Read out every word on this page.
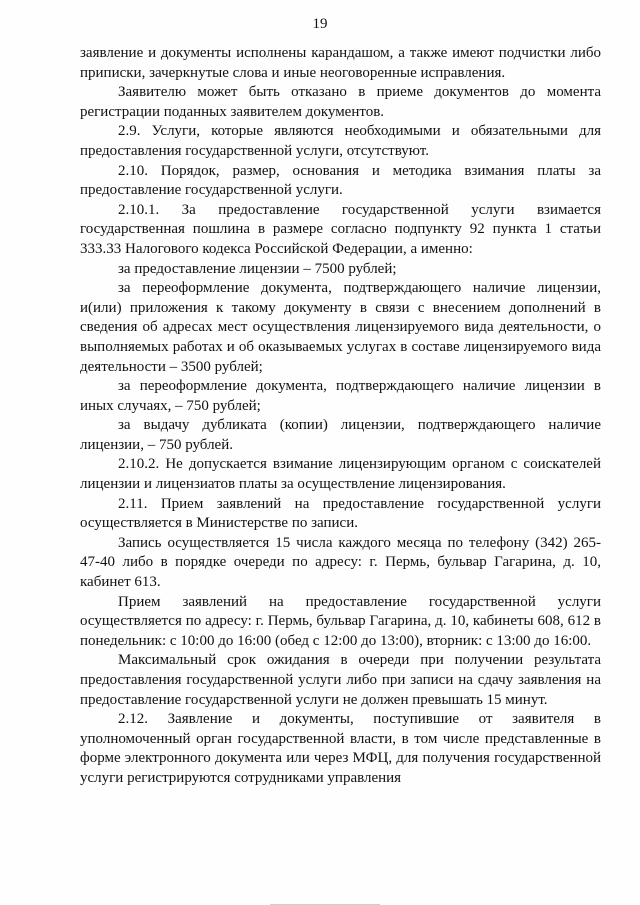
19

заявление и документы исполнены карандашом, а также имеют подчистки либо приписки, зачеркнутые слова и иные неоговоренные исправления.

Заявителю может быть отказано в приеме документов до момента регистрации поданных заявителем документов.

2.9. Услуги, которые являются необходимыми и обязательными для предоставления государственной услуги, отсутствуют.

2.10. Порядок, размер, основания и методика взимания платы за предоставление государственной услуги.

2.10.1. За предоставление государственной услуги взимается государственная пошлина в размере согласно подпункту 92 пункта 1 статьи 333.33 Налогового кодекса Российской Федерации, а именно:

за предоставление лицензии – 7500 рублей;

за переоформление документа, подтверждающего наличие лицензии, и(или) приложения к такому документу в связи с внесением дополнений в сведения об адресах мест осуществления лицензируемого вида деятельности, о выполняемых работах и об оказываемых услугах в составе лицензируемого вида деятельности – 3500 рублей;

за переоформление документа, подтверждающего наличие лицензии в иных случаях, – 750 рублей;

за выдачу дубликата (копии) лицензии, подтверждающего наличие лицензии, – 750 рублей.

2.10.2. Не допускается взимание лицензирующим органом с соискателей лицензии и лицензиатов платы за осуществление лицензирования.

2.11. Прием заявлений на предоставление государственной услуги осуществляется в Министерстве по записи.

Запись осуществляется 15 числа каждого месяца по телефону (342) 265-47-40 либо в порядке очереди по адресу: г. Пермь, бульвар Гагарина, д. 10, кабинет 613.

Прием заявлений на предоставление государственной услуги осуществляется по адресу: г. Пермь, бульвар Гагарина, д. 10, кабинеты 608, 612 в понедельник: с 10:00 до 16:00 (обед с 12:00 до 13:00), вторник: с 13:00 до 16:00.

Максимальный срок ожидания в очереди при получении результата предоставления государственной услуги либо при записи на сдачу заявления на предоставление государственной услуги не должен превышать 15 минут.

2.12. Заявление и документы, поступившие от заявителя в уполномоченный орган государственной власти, в том числе представленные в форме электронного документа или через МФЦ, для получения государственной услуги регистрируются сотрудниками управления
